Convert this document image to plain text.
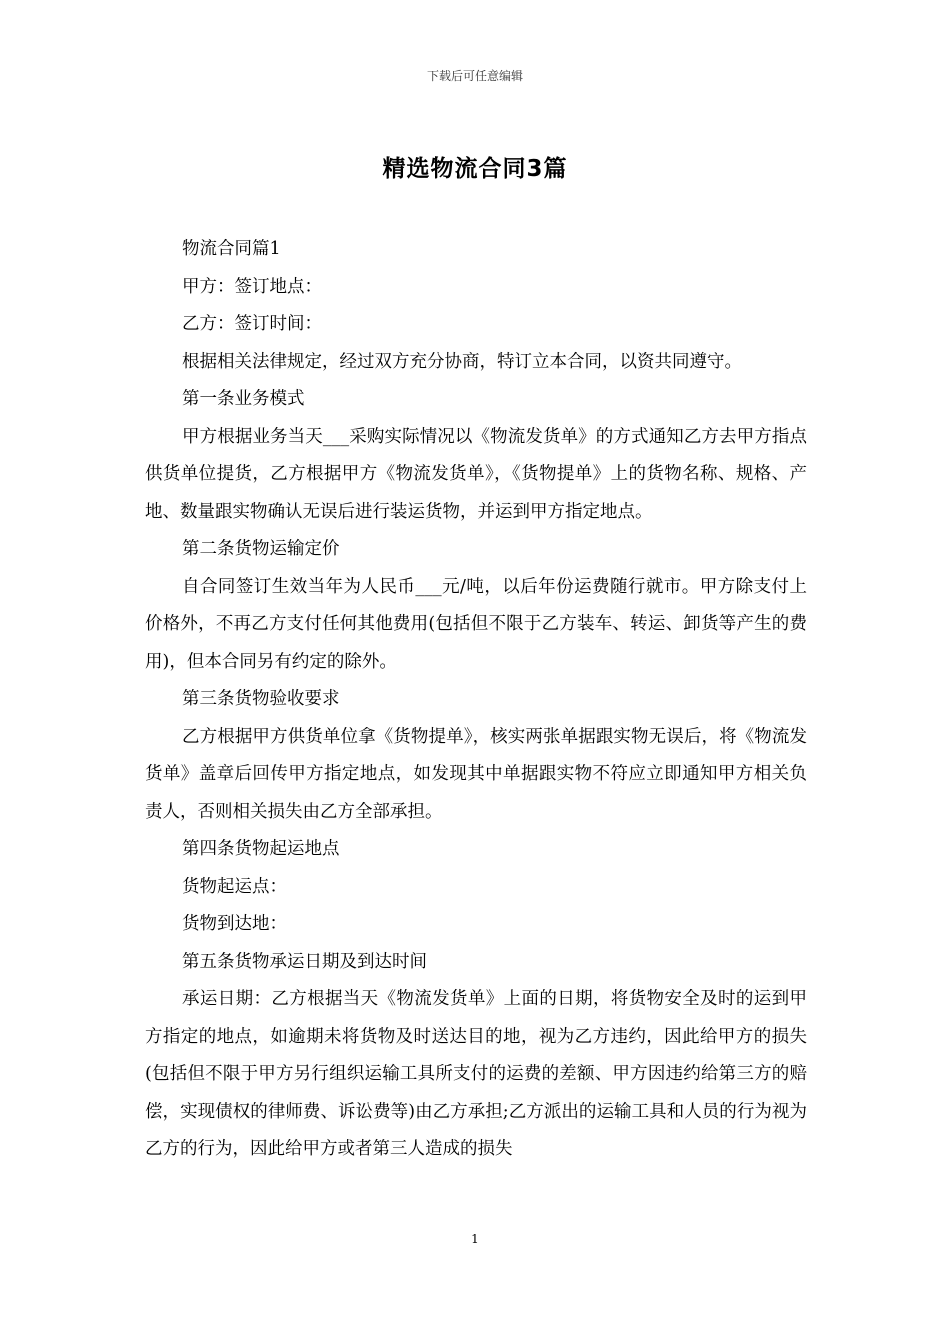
下载后可任意编辑
精选物流合同3篇

物流合同篇1

甲方：签订地点：

乙方：签订时间：

根据相关法律规定，经过双方充分协商，特订立本合同，以资共同遵守。

第一条业务模式

甲方根据业务当天___采购实际情况以《物流发货单》的方式通知乙方去甲方指点供货单位提货，乙方根据甲方《物流发货单》，《货物提单》上的货物名称、规格、产地、数量跟实物确认无误后进行装运货物，并运到甲方指定地点。

第二条货物运输定价

自合同签订生效当年为人民币___元/吨，以后年份运费随行就市。甲方除支付上价格外，不再乙方支付任何其他费用(包括但不限于乙方装车、转运、卸货等产生的费用)，但本合同另有约定的除外。

第三条货物验收要求

乙方根据甲方供货单位拿《货物提单》，核实两张单据跟实物无误后，将《物流发货单》盖章后回传甲方指定地点，如发现其中单据跟实物不符应立即通知甲方相关负责人，否则相关损失由乙方全部承担。

第四条货物起运地点

货物起运点：

货物到达地：

第五条货物承运日期及到达时间

承运日期：乙方根据当天《物流发货单》上面的日期，将货物安全及时的运到甲方指定的地点，如逾期未将货物及时送达目的地，视为乙方违约，因此给甲方的损失(包括但不限于甲方另行组织运输工具所支付的运费的差额、甲方因违约给第三方的赔偿，实现债权的律师费、诉讼费等)由乙方承担;乙方派出的运输工具和人员的行为视为乙方的行为，因此给甲方或者第三人造成的损失

1
